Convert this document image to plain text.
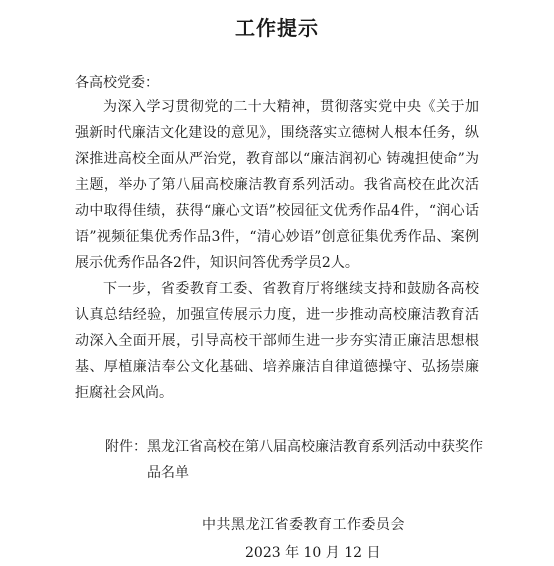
工作提示

各高校党委：

为深入学习贯彻党的二十大精神，贯彻落实党中央《关于加强新时代廉洁文化建设的意见》，围绕落实立德树人根本任务，纵深推进高校全面从严治党，教育部以“廉洁润初心 铸魂担使命”为主题，举办了第八届高校廉洁教育系列活动。我省高校在此次活动中取得佳绩，获得“廉心文语”校园征文优秀作品4件，“润心话语”视频征集优秀作品3件，“清心妙语”创意征集优秀作品、案例展示优秀作品各2件，知识问答优秀学员2人。

下一步，省委教育工委、省教育厅将继续支持和鼓励各高校认真总结经验，加强宣传展示力度，进一步推动高校廉洁教育活动深入全面开展，引导高校干部师生进一步夯实清正廉洁思想根基、厚植廉洁奉公文化基础、培养廉洁自律道德操守、弘扬崇廉拒腐社会风尚。

附件： 黑龙江省高校在第八届高校廉洁教育系列活动中获奖作品名单

中共黑龙江省委教育工作委员会

2023 年 10 月 12 日
